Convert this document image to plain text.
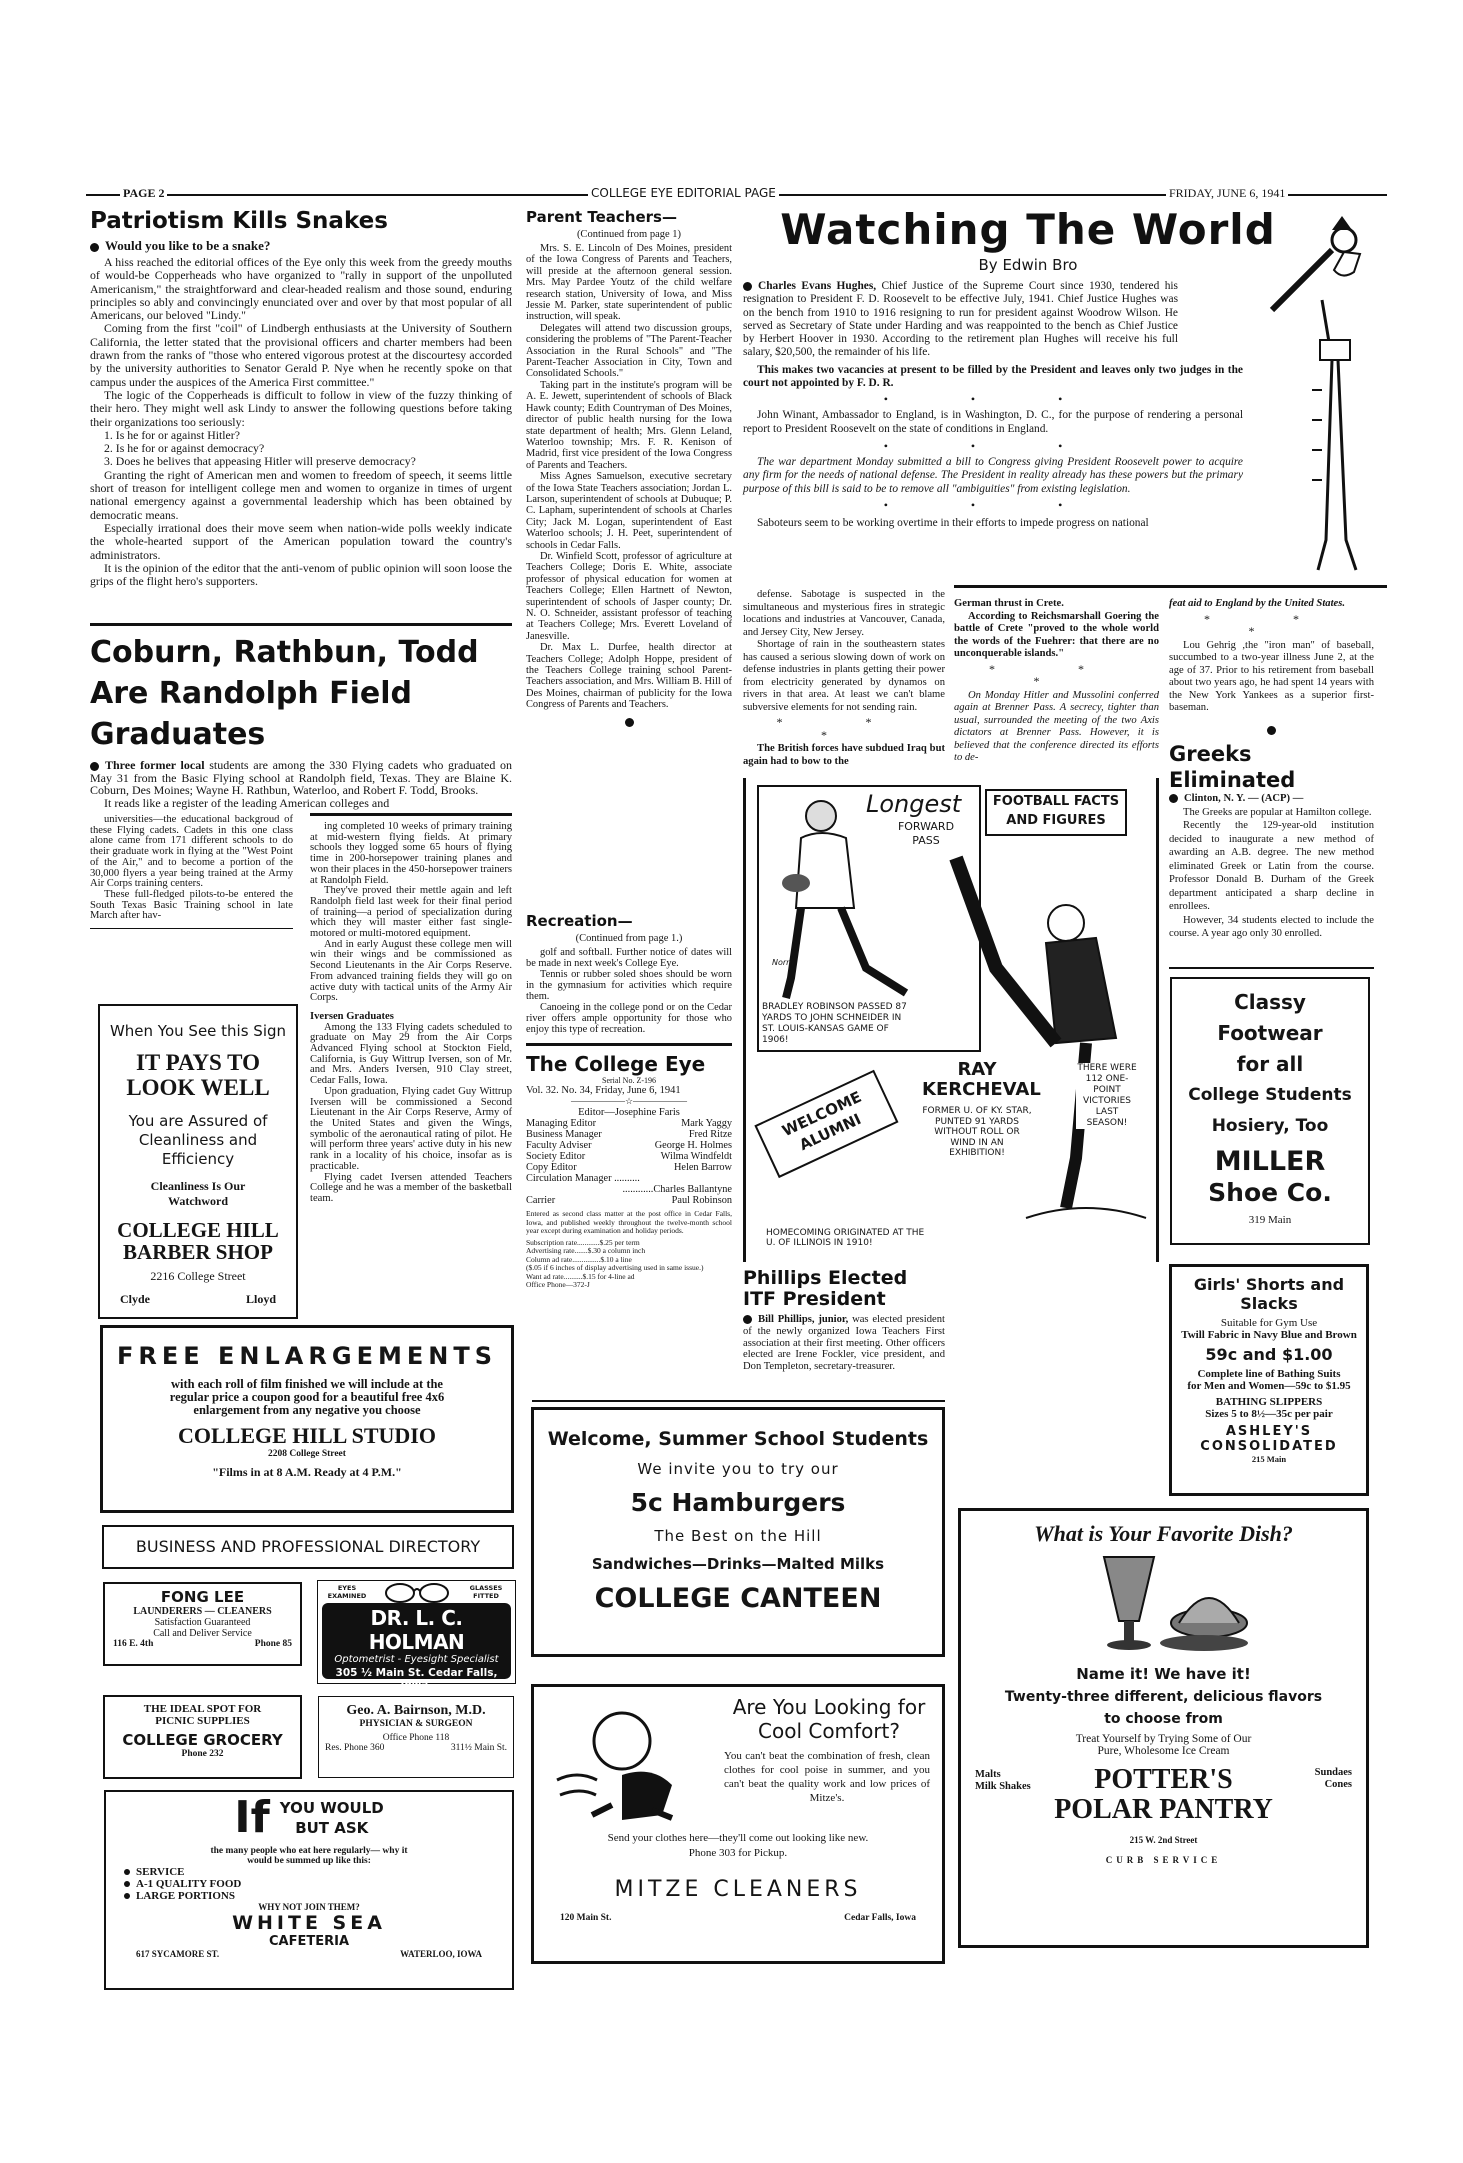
PAGE 2	COLLEGE EYE EDITORIAL PAGE	FRIDAY, JUNE 6, 1941
Patriotism Kills Snakes
Would you like to be a snake?

A hiss reached the editorial offices of the Eye only this week from the greedy mouths of would-be Copperheads who have organized to "rally in support of the unpolluted Americanism," the straightforward and clear-headed realism and those sound, enduring principles so ably and convincingly enunciated over and over by that most popular of all Americans, our beloved "Lindy."

Coming from the first "coil" of Lindbergh enthusiasts at the University of Southern California, the letter stated that the provisional officers and charter members had been drawn from the ranks of "those who entered vigorous protest at the discourtesy accorded by the university authorities to Senator Gerald P. Nye when he recently spoke on that campus under the auspices of the America First committee."

The logic of the Copperheads is difficult to follow in view of the fuzzy thinking of their hero. They might well ask Lindy to answer the following questions before taking their organizations too seriously:

1. Is he for or against Hitler?

2. Is he for or against democracy?

3. Does he belives that appeasing Hitler will preserve democracy?

Granting the right of American men and women to freedom of speech, it seems little short of treason for intelligent college men and women to organize in times of urgent national emergency against a governmental leadership which has been obtained by democratic means.

Especially irrational does their move seem when nation-wide polls weekly indicate the whole-hearted support of the American population toward the country's administrators.

It is the opinion of the editor that the anti-venom of public opinion will soon loose the grips of the flight hero's supporters.

Coburn, Rathbun, Todd Are Randolph Field Graduates

Three former local students are among the 330 Flying cadets who graduated on May 31 from the Basic Flying school at Randolph field, Texas. They are Blaine K. Coburn, Des Moines; Wayne H. Rathbun, Waterloo, and Robert F. Todd, Brooks.

It reads like a register of the leading American colleges and

universities—the educational backgroud of these Flying cadets. Cadets in this one class alone came from 171 different schools to do their graduate work in flying at the "West Point of the Air," and to become a portion of the 30,000 flyers a year being trained at the Army Air Corps training centers.

These full-fledged pilots-to-be entered the South Texas Basic Training school in late March after hav-

ing completed 10 weeks of primary training at mid-western flying fields. At primary schools they logged some 65 hours of flying time in 200-horsepower training planes and won their places in the 450-horsepower trainers at Randolph Field.

They've proved their mettle again and left Randolph field last week for their final period of training—a period of specialization during which they will master either fast single-motored or multi-motored equipment.

And in early August these college men will win their wings and be commissioned as Second Lieutenants in the Air Corps Reserve. From advanced training fields they will go on active duty with tactical units of the Army Air Corps.

Iversen Graduates

Among the 133 Flying cadets scheduled to graduate on May 29 from the Air Corps Advanced Flying school at Stockton Field, California, is Guy Wittrup Iversen, son of Mr. and Mrs. Anders Iversen, 910 Clay street, Cedar Falls, Iowa.

Upon graduation, Flying cadet Guy Wittrup Iversen will be commissioned a Second Lieutenant in the Air Corps Reserve, Army of the United States and given the Wings, symbolic of the aeronautical rating of pilot. He will perform three years' active duty in his new rank in a locality of his choice, insofar as is practicable.

Flying cadet Iversen attended Teachers College and he was a member of the basketball team.

When You See this Sign
IT PAYS TO LOOK WELL
You are Assured of Cleanliness and Efficiency
Cleanliness Is Our Watchword
COLLEGE HILL BARBER SHOP
2216 College Street
Clyde	Lloyd
FREE ENLARGEMENTS
with each roll of film finished we will include at the regular price a coupon good for a beautiful free 4x6 enlargement from any negative you choose
COLLEGE HILL STUDIO
2208 College Street
"Films in at 8 A.M. Ready at 4 P.M."
BUSINESS AND PROFESSIONAL DIRECTORY
FONG LEE
LAUNDERERS — CLEANERS
Satisfaction Guaranteed
Call and Deliver Service
116 E. 4th	Phone 85
EYES EXAMINED
GLASSES FITTED
DR. L. C. HOLMAN
Optometrist - Eyesight Specialist
305 ½ Main St. Cedar Falls, Iowa.
THE IDEAL SPOT FOR
PICNIC SUPPLIES
COLLEGE GROCERY
Phone 232
Geo. A. Bairnson, M.D.
PHYSICIAN & SURGEON
Office Phone 118
Res. Phone 360	311½ Main St.
If YOU WOULD
BUT ASK
the many people who eat here regularly— why it would be summed up like this:
SERVICE
A-1 QUALITY FOOD
LARGE PORTIONS
WHY NOT JOIN THEM?
WHITE SEA
CAFETERIA
617 SYCAMORE ST.	WATERLOO, IOWA
Parent Teachers—
(Continued from page 1)

Mrs. S. E. Lincoln of Des Moines, president of the Iowa Congress of Parents and Teachers, will preside at the afternoon general session. Mrs. May Pardee Youtz of the child welfare research station, University of Iowa, and Miss Jessie M. Parker, state superintendent of public instruction, will speak.

Delegates will attend two discussion groups, considering the problems of "The Parent-Teacher Association in the Rural Schools" and "The Parent-Teacher Association in City, Town and Consolidated Schools."

Taking part in the institute's program will be A. E. Jewett, superintendent of schools of Black Hawk county; Edith Countryman of Des Moines, director of public health nursing for the Iowa state department of health; Mrs. Glenn Leland, Waterloo township; Mrs. F. R. Kenison of Madrid, first vice president of the Iowa Congress of Parents and Teachers.

Miss Agnes Samuelson, executive secretary of the Iowa State Teachers association; Jordan L. Larson, superintendent of schools at Dubuque; P. C. Lapham, superintendent of schools at Charles City; Jack M. Logan, superintendent of East Waterloo schools; J. H. Peet, superintendent of schools in Cedar Falls.

Dr. Winfield Scott, professor of agriculture at Teachers College; Doris E. White, associate professor of physical education for women at Teachers College; Ellen Hartnett of Newton, superintendent of schools of Jasper county; Dr. N. O. Schneider, assistant professor of teaching at Teachers College; Mrs. Everett Loveland of Janesville.

Dr. Max L. Durfee, health director at Teachers College; Adolph Hoppe, president of the Teachers College training school Parent-Teachers association, and Mrs. William B. Hill of Des Moines, chairman of publicity for the Iowa Congress of Parents and Teachers.

Recreation—
(Continued from page 1.)

golf and softball. Further notice of dates will be made in next week's College Eye.

Tennis or rubber soled shoes should be worn in the gymnasium for activities which require them.

Canoeing in the college pond or on the Cedar river offers ample opportunity for those who enjoy this type of recreation.

The College Eye
Serial No. Z-196
Vol. 32. No. 34, Friday, June 6, 1941
——————☆——————
Editor—Josephine Faris
Managing Editor	Mark Yaggy
Business Manager	Fred Ritze
Faculty Adviser	George H. Holmes
Society Editor	Wilma Windfeldt
Copy Editor	Helen Barrow
Circulation Manager ..........
............Charles Ballantyne
Carrier	Paul Robinson
Entered as second class matter at the post office in Cedar Falls, Iowa, and published weekly throughout the twelve-month school year except during examination and holiday periods.
Subscription rate............$.25 per term
Advertising rate.......$.30 a column inch
Column ad rate...............$.10 a line
($.05 if 6 inches of display advertising used in same issue.)
Want ad rate..........$.15 for 4-line ad
Office Phone—372-J
Watching The World
By Edwin Bro

Charles Evans Hughes, Chief Justice of the Supreme Court since 1930, tendered his resignation to President F. D. Roosevelt to be effective July, 1941. Chief Justice Hughes was on the bench from 1910 to 1916 resigning to run for president against Woodrow Wilson. He served as Secretary of State under Harding and was reappointed to the bench as Chief Justice by Herbert Hoover in 1930. According to the retirement plan Hughes will receive his full salary, $20,500, the remainder of his life.

This makes two vacancies at present to be filled by the President and leaves only two judges in the court not appointed by F. D. R.

• • •

John Winant, Ambassador to England, is in Washington, D. C., for the purpose of rendering a personal report to President Roosevelt on the state of conditions in England.

• • •

The war department Monday submitted a bill to Congress giving President Roosevelt power to acquire any firm for the needs of national defense. The President in reality already has these powers but the primary purpose of this bill is said to be to remove all "ambiguities" from existing legislation.

• • •

Saboteurs seem to be working overtime in their efforts to impede progress on national

defense. Sabotage is suspected in the simultaneous and mysterious fires in strategic locations and industries at Vancouver, Canada, and Jersey City, New Jersey.

Shortage of rain in the southeastern states has caused a serious slowing down of work on defense industries in plants getting their power from electricity generated by dynamos on rivers in that area. At least we can't blame subversive elements for not sending rain.

* * *

The British forces have subdued Iraq but again had to bow to the

German thrust in Crete.

According to Reichsmarshall Goering the battle of Crete "proved to the whole world the words of the Fuehrer: that there are no unconquerable islands."

* * *

On Monday Hitler and Mussolini conferred again at Brenner Pass. A secrecy, tighter than usual, surrounded the meeting of the two Axis dictators at Brenner Pass. However, it is believed that the conference directed its efforts to de-

feat aid to England by the United States.

* * *

Lou Gehrig ,the "iron man" of baseball, succumbed to a two-year illness June 2, at the age of 37. Prior to his retirement from baseball about two years ago, he had spent 14 years with the New York Yankees as a superior first-baseman.

Greeks Eliminated

Clinton, N. Y. — (ACP) —

The Greeks are popular at Hamilton college.

Recently the 129-year-old institution decided to inaugurate a new method of awarding an A.B. degree. The new method eliminated Greek or Latin from the course. Professor Donald B. Durham of the Greek department anticipated a sharp decline in enrollees.

However, 34 students elected to include the course. A year ago only 30 enrolled.

Classy
Footwear
for all
College Students
Hosiery, Too
MILLER
Shoe Co.
319 Main
Longest
FORWARD PASS
FOOTBALL FACTS AND FIGURES
Norm
BRADLEY ROBINSON PASSED 87 YARDS TO JOHN SCHNEIDER IN ST. LOUIS-KANSAS GAME OF 1906!
RAY KERCHEVAL
FORMER U. OF KY. STAR, PUNTED 91 YARDS WITHOUT ROLL OR WIND IN AN EXHIBITION!
WELCOME ALUMNI
THERE WERE 112 ONE-POINT VICTORIES LAST SEASON!
HOMECOMING ORIGINATED AT THE U. OF ILLINOIS IN 1910!
Phillips Elected ITF President

Bill Phillips, junior, was elected president of the newly organized Iowa Teachers First association at their first meeting. Other officers elected are Irene Fockler, vice president, and Don Templeton, secretary-treasurer.

Welcome, Summer School Students
We invite you to try our
5c Hamburgers
The Best on the Hill
Sandwiches—Drinks—Malted Milks
COLLEGE CANTEEN
Are You Looking for Cool Comfort?
You can't beat the combination of fresh, clean clothes for cool poise in summer, and you can't beat the quality work and low prices of Mitze's.
Send your clothes here—they'll come out looking like new.
Phone 303 for Pickup.
MITZE CLEANERS
120 Main St.	Cedar Falls, Iowa
Girls' Shorts and Slacks
Suitable for Gym Use
Twill Fabric in Navy Blue and Brown
59c and $1.00
Complete line of Bathing Suits
for Men and Women—59c to $1.95
BATHING SLIPPERS
Sizes 5 to 8½—35c per pair
ASHLEY'S CONSOLIDATED
215 Main
What is Your Favorite Dish?
Name it! We have it!
Twenty-three different, delicious flavors
to choose from
Treat Yourself by Trying Some of Our
Pure, Wholesome Ice Cream
Malts
Milk Shakes
Sundaes
Cones
POTTER'S
POLAR PANTRY
215 W. 2nd Street
CURB SERVICE
